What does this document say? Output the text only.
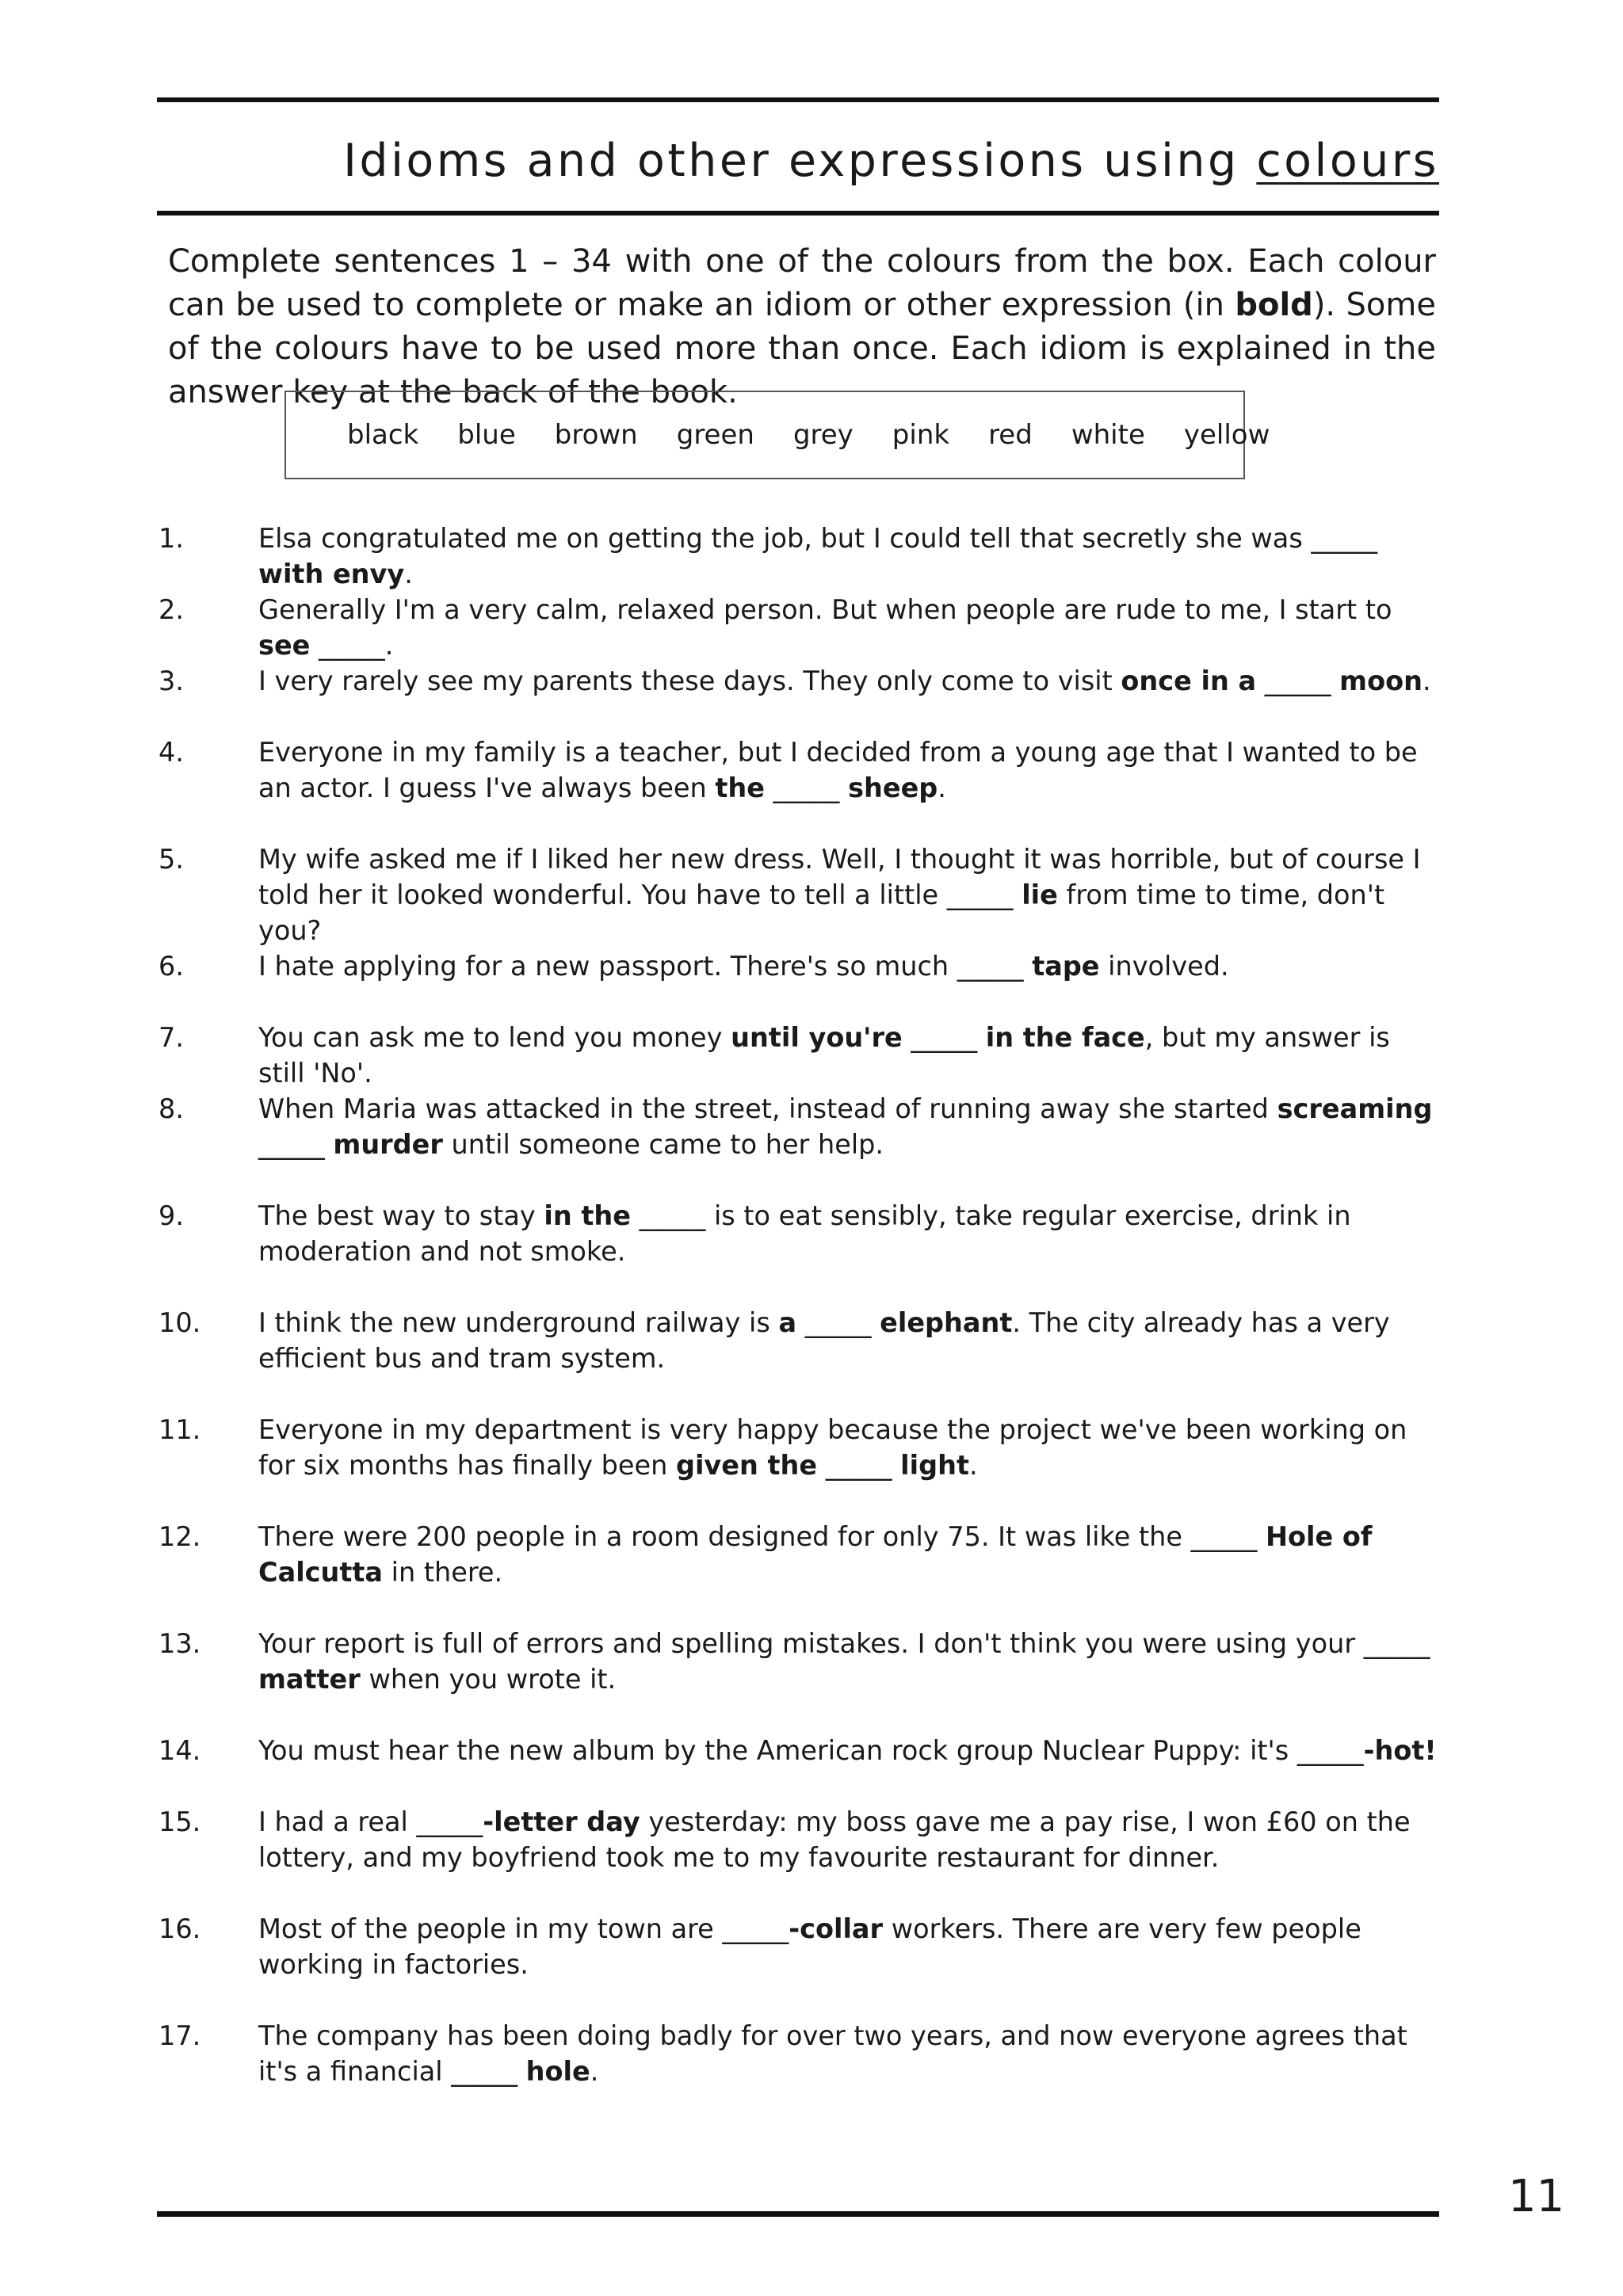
Idioms and other expressions using colours

Complete sentences 1 – 34 with one of the colours from the box. Each colour can be used to complete or make an idiom or other expression (in bold). Some of the colours have to be used more than once. Each idiom is explained in the answer key at the back of the book.

black blue brown green grey pink red white yellow
1.	Elsa congratulated me on getting the job, but I could tell that secretly she was _____ with envy.
2.	Generally I'm a very calm, relaxed person. But when people are rude to me, I start to see _____.
3.	I very rarely see my parents these days. They only come to visit once in a _____ moon.
4.	Everyone in my family is a teacher, but I decided from a young age that I wanted to be an actor. I guess I've always been the _____ sheep.
5.	My wife asked me if I liked her new dress. Well, I thought it was horrible, but of course I told her it looked wonderful. You have to tell a little _____ lie from time to time, don't you?
6.	I hate applying for a new passport. There's so much _____ tape involved.
7.	You can ask me to lend you money until you're _____ in the face, but my answer is still 'No'.
8.	When Maria was attacked in the street, instead of running away she started screaming _____ murder until someone came to her help.
9.	The best way to stay in the _____ is to eat sensibly, take regular exercise, drink in moderation and not smoke.
10. I think the new underground railway is a _____ elephant. The city already has a very efficient bus and tram system.
11. Everyone in my department is very happy because the project we've been working on for six months has finally been given the _____ light.
12. There were 200 people in a room designed for only 75. It was like the _____ Hole of Calcutta in there.
13. Your report is full of errors and spelling mistakes. I don't think you were using your _____ matter when you wrote it.
14. You must hear the new album by the American rock group Nuclear Puppy: it's _____-hot!
15. I had a real _____-letter day yesterday: my boss gave me a pay rise, I won £60 on the lottery, and my boyfriend took me to my favourite restaurant for dinner.
16. Most of the people in my town are _____-collar workers. There are very few people working in factories.
17. The company has been doing badly for over two years, and now everyone agrees that it's a financial _____ hole.
11
